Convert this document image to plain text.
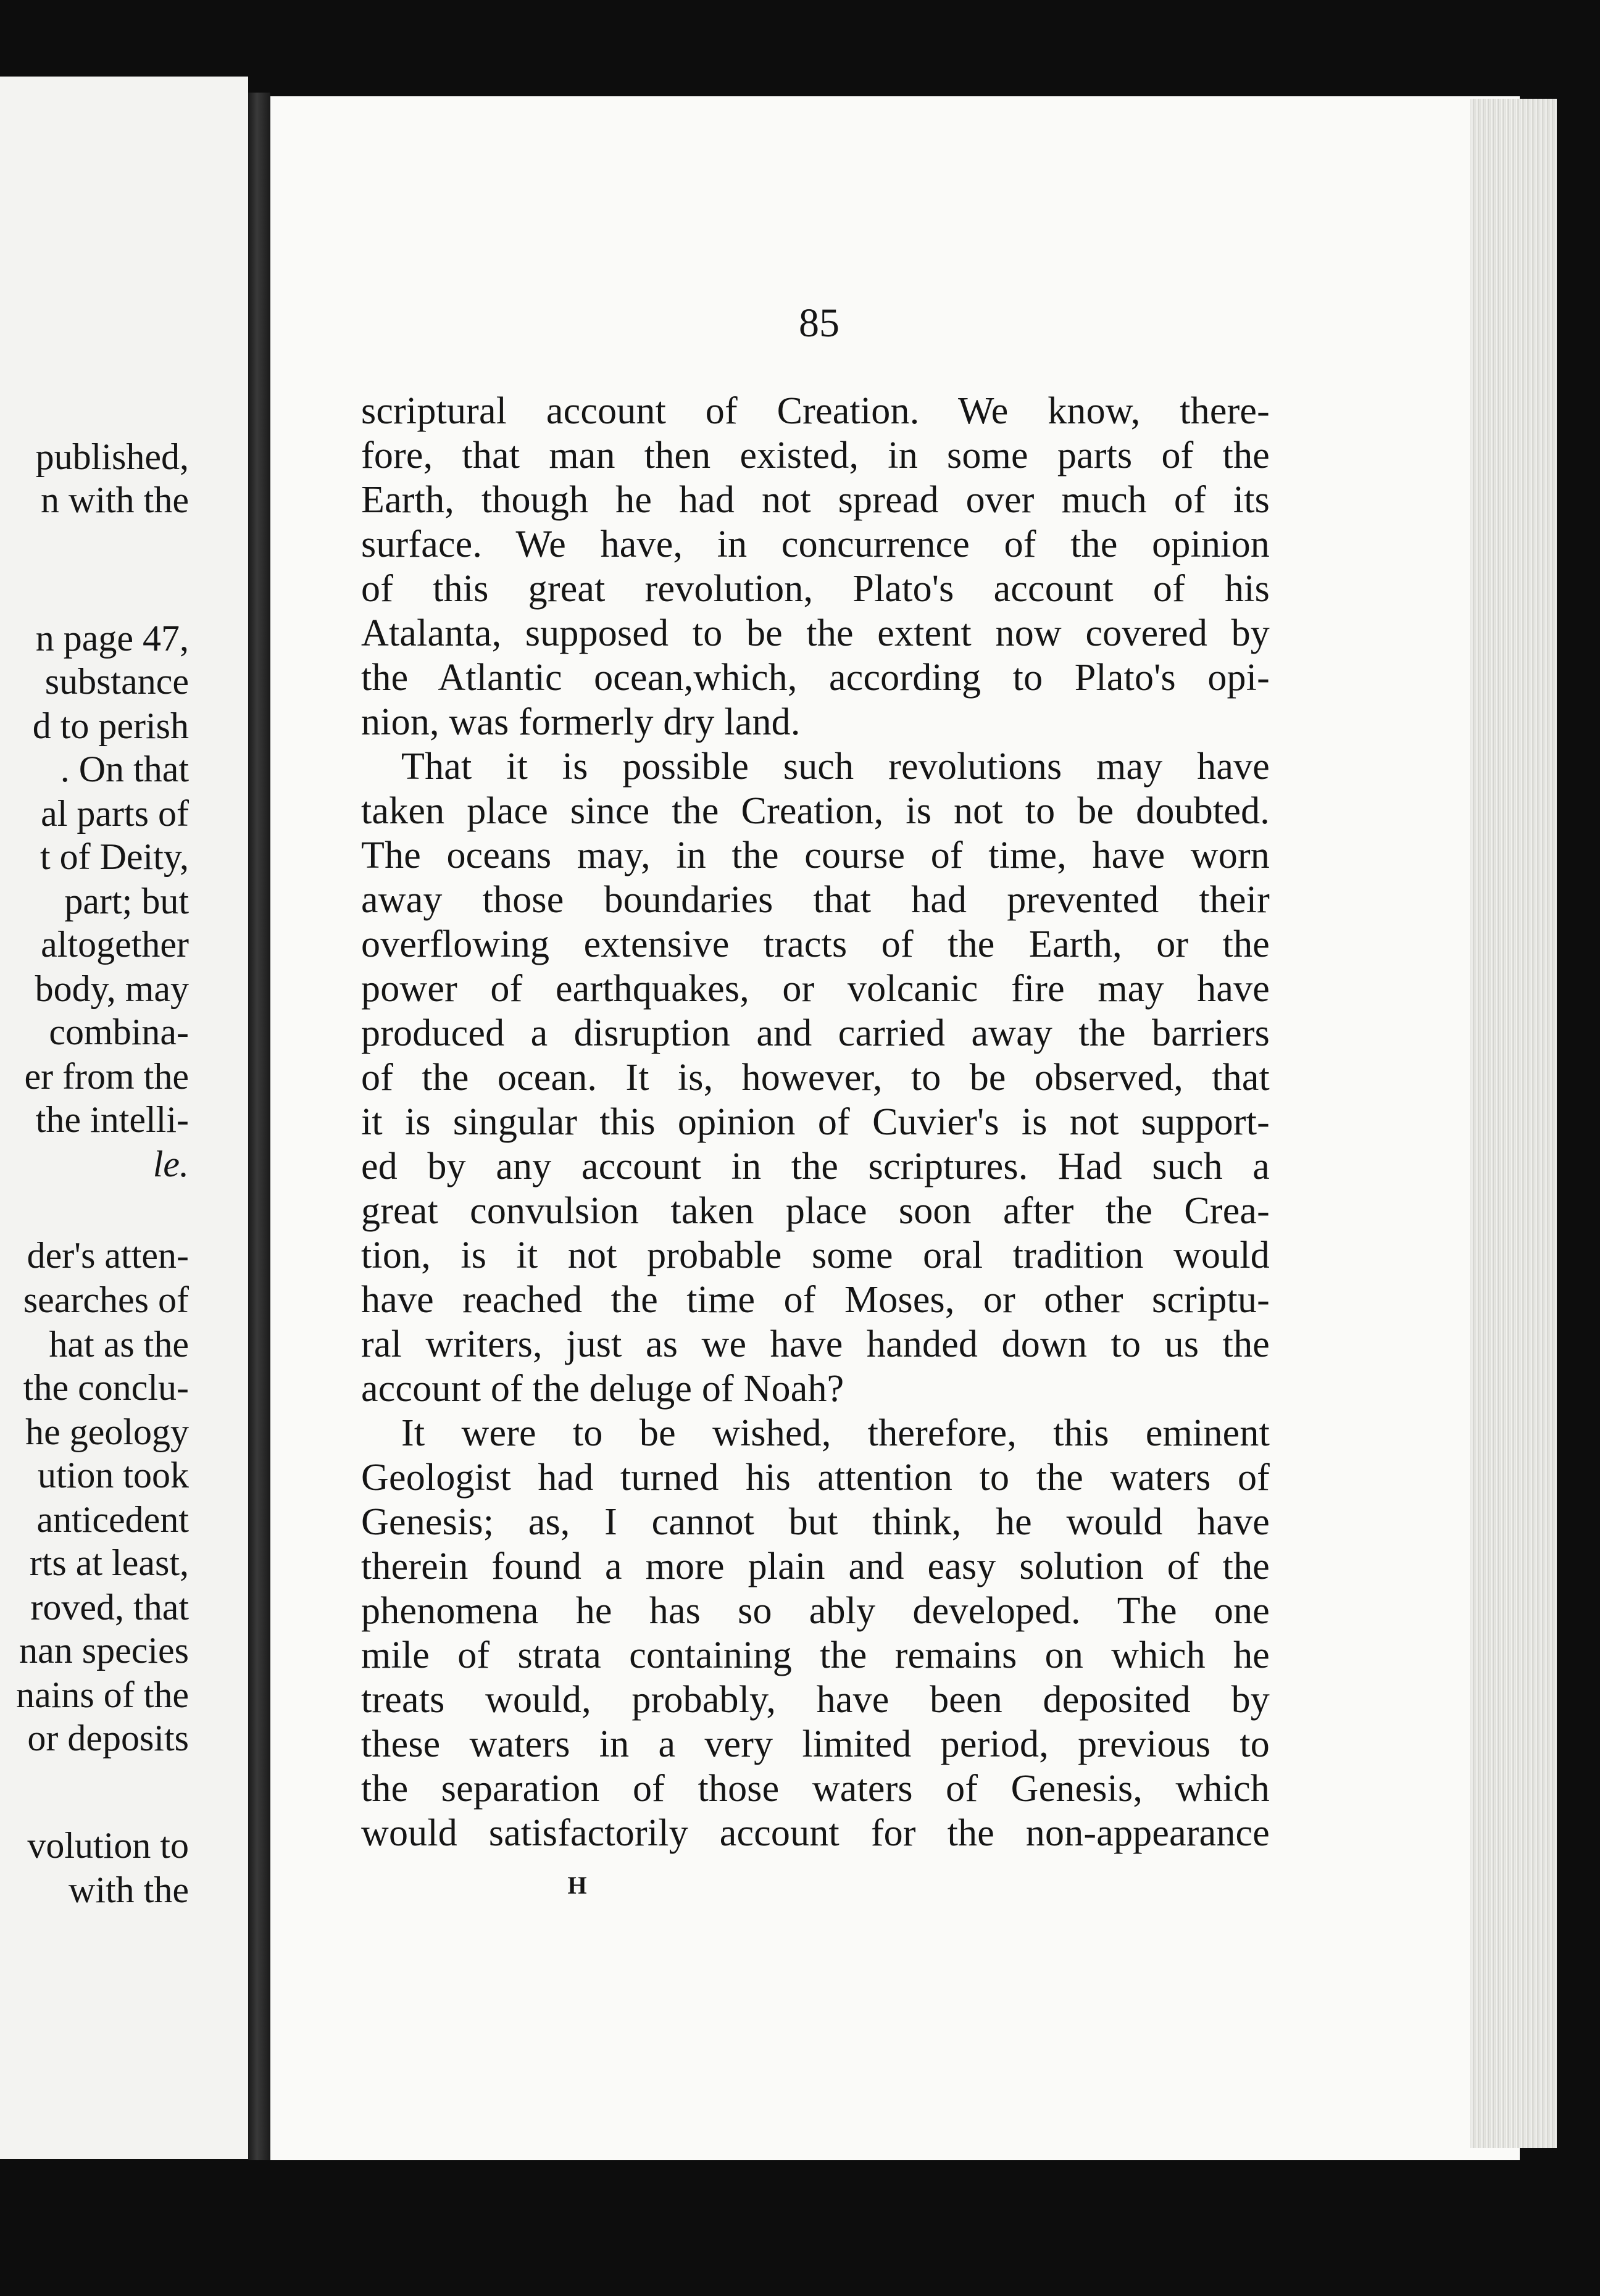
published,
n with the
n page 47,
substance
d to perish
. On that
al parts of
t of Deity,
part; but
altogether
body, may
combina-
er from the
the intelli-
le.
der's atten-
searches of
hat as the
the conclu-
he geology
ution took
anticedent
rts at least,
roved, that
nan species
nains of the
or deposits
volution to
with the
85
scriptural account of Creation. We know, there-
fore, that man then existed, in some parts of the
Earth, though he had not spread over much of its
surface. We have, in concurrence of the opinion
of this great revolution, Plato's account of his
Atalanta, supposed to be the extent now covered by
the Atlantic ocean,which, according to Plato's opi-
nion, was formerly dry land.
That it is possible such revolutions may have
taken place since the Creation, is not to be doubted.
The oceans may, in the course of time, have worn
away those boundaries that had prevented their
overflowing extensive tracts of the Earth, or the
power of earthquakes, or volcanic fire may have
produced a disruption and carried away the barriers
of the ocean. It is, however, to be observed, that
it is singular this opinion of Cuvier's is not support-
ed by any account in the scriptures. Had such a
great convulsion taken place soon after the Crea-
tion, is it not probable some oral tradition would
have reached the time of Moses, or other scriptu-
ral writers, just as we have handed down to us the
account of the deluge of Noah?
It were to be wished, therefore, this eminent
Geologist had turned his attention to the waters of
Genesis; as, I cannot but think, he would have
therein found a more plain and easy solution of the
phenomena he has so ably developed. The one
mile of strata containing the remains on which he
treats would, probably, have been deposited by
these waters in a very limited period, previous to
the separation of those waters of Genesis, which
would satisfactorily account for the non-appearance
H
